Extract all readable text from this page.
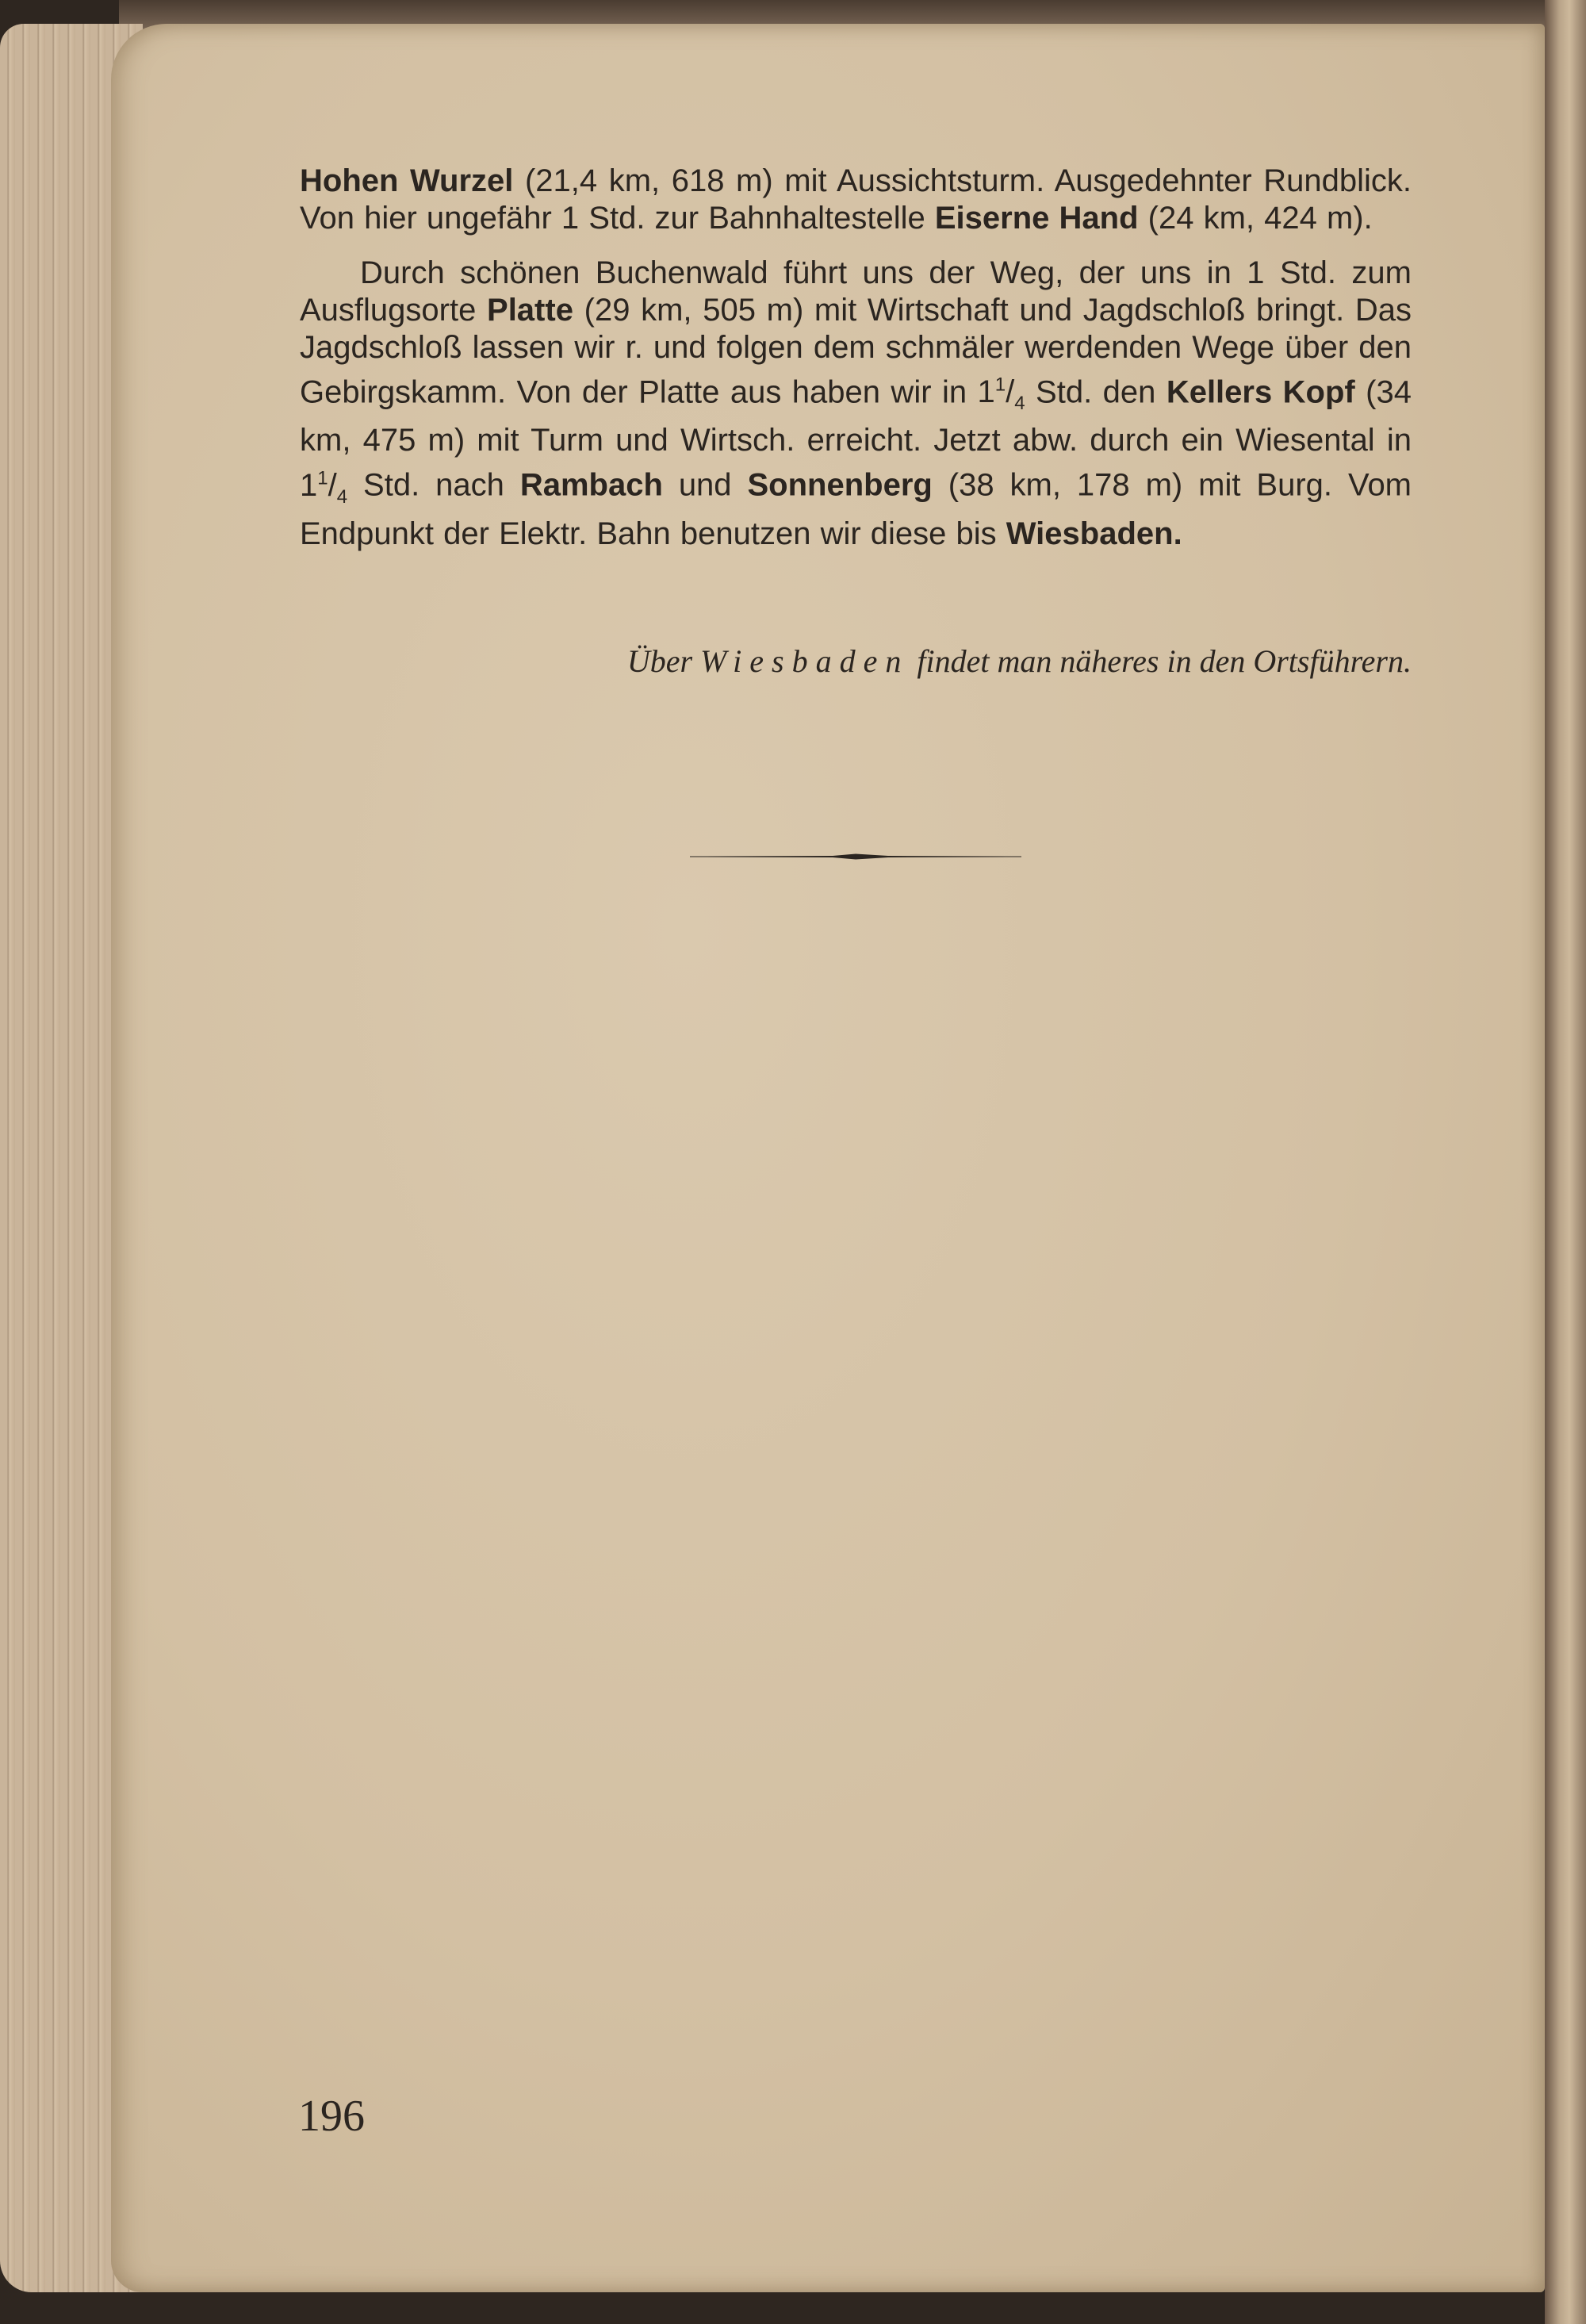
Hohen Wurzel (21,4 km, 618 m) mit Aussichtsturm. Ausgedehnter Rundblick. Von hier ungefähr 1 Std. zur Bahnhaltestelle Eiserne Hand (24 km, 424 m).

Durch schönen Buchenwald führt uns der Weg, der uns in 1 Std. zum Ausflugsorte Platte (29 km, 505 m) mit Wirtschaft und Jagdschloß bringt. Das Jagdschloß lassen wir r. und folgen dem schmäler werdenden Wege über den Gebirgskamm. Von der Platte aus haben wir in $1^1/_4$ Std. den Kellers Kopf (34 km, 475 m) mit Turm und Wirtsch. erreicht. Jetzt abw. durch ein Wiesental in $1^1/_4$ Std. nach Rambach und Sonnenberg (38 km, 178 m) mit Burg. Vom Endpunkt der Elektr. Bahn benutzen wir diese bis Wiesbaden.

Über Wiesbaden findet man näheres in den Ortsführern.
196
